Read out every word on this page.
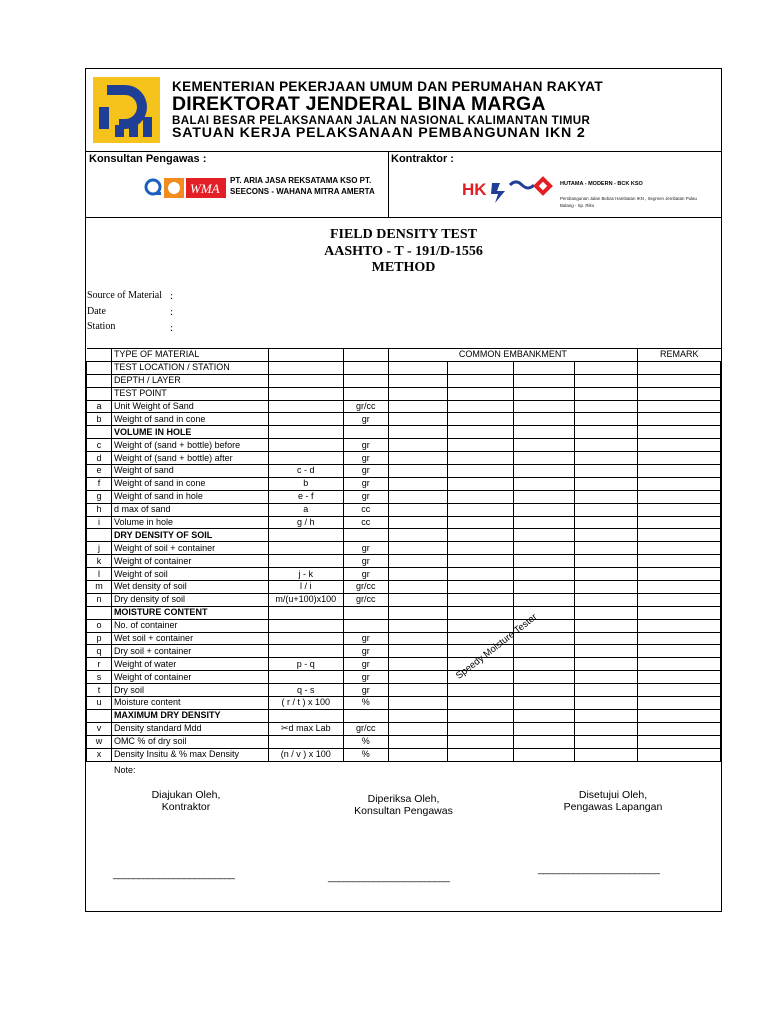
KEMENTERIAN PEKERJAAN UMUM DAN PERUMAHAN RAKYAT
DIREKTORAT JENDERAL BINA MARGA
BALAI BESAR PELAKSANAAN JALAN NASIONAL KALIMANTAN TIMUR
SATUAN KERJA PELAKSANAAN PEMBANGUNAN IKN 2
Konsultan Pengawas :	Kontraktor :
WMA
PT. ARIA JASA REKSATAMA KSO PT. SEECONS - WAHANA MITRA AMERTA	HK	HUTAMA - MODERN - BCK KSO
Pembangunan Jalan Bebas Hambatan IKN , Segmen Jembatan Pulau Balang - Sp. Riko
FIELD DENSITY TEST
AASHTO - T - 191/D-1556
METHOD
Source of Material :
Date	:
Station	:
	TYPE OF MATERIAL			COMMON EMBANKMENT				REMARK
	TEST LOCATION / STATION							
	DEPTH / LAYER							
	TEST POINT							
a	Unit Weight of Sand		gr/cc					
b	Weight of sand in cone		gr					
	VOLUME IN HOLE							
c	Weight of (sand + bottle) before		gr					
d	Weight of (sand + bottle) after		gr					
e	Weight of sand	c - d	gr					
f	Weight of sand in cone	b	gr					
g	Weight of sand in hole	e - f	gr					
h	d max of sand	a	cc					
i	Volume in hole	g / h	cc					
	DRY DENSITY OF SOIL							
j	Weight of soil + container		gr					
k	Weight of container		gr					
l	Weight of soil	j - k	gr					
m	Wet density of soil	l / i	gr/cc					
n	Dry density of soil	m/(u+100)x100	gr/cc					
	MOISTURE CONTENT							
o	No. of container							
p	Wet soil + container		gr					
q	Dry soil + container		gr					
r	Weight of water	p - q	gr					
s	Weight of container		gr					
t	Dry soil	q - s	gr					
u	Moisture content	( r / t ) x 100	%					
	MAXIMUM DRY DENSITY							
v	Density standard Mdd	✂d max Lab	gr/cc					
w	OMC % of dry soil		%					
x	Density Insitu & % max Density	(n / v ) x 100	%					
Speedy Moisture Tester
Note:
Diajukan Oleh,
Kontraktor
Diperiksa Oleh,
Konsultan Pengawas
Disetujui Oleh,
Pengawas Lapangan
________________________	________________________
________________________
